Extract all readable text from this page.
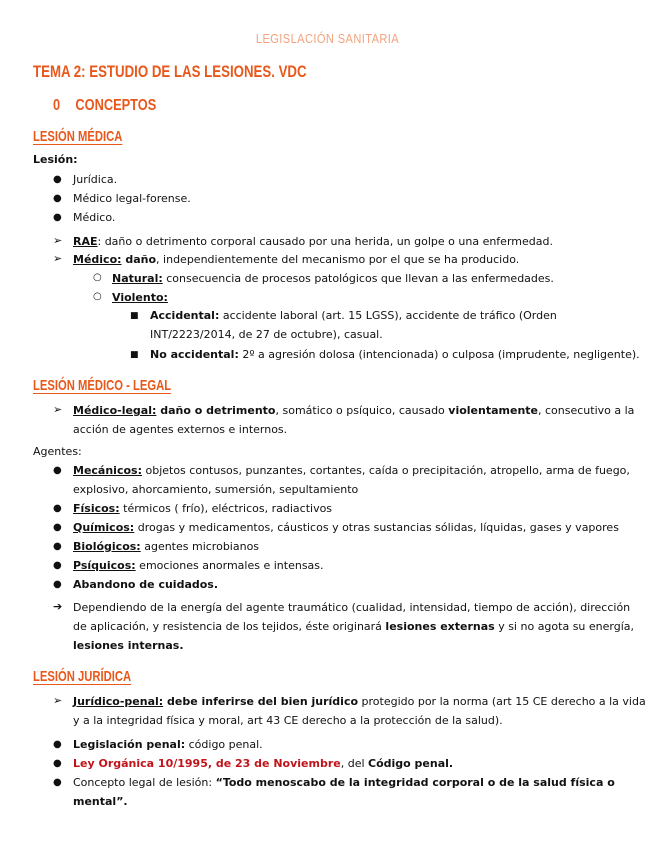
LEGISLACIÓN SANITARIA
TEMA 2: ESTUDIO DE LAS LESIONES. VDC
0 CONCEPTOS
LESIÓN MÉDICA
Lesión:
● Jurídica.
● Médico legal-forense.
● Médico.
➢ RAE: daño o detrimento corporal causado por una herida, un golpe o una enfermedad.
➢ Médico: daño, independientemente del mecanismo por el que se ha producido.
○ Natural: consecuencia de procesos patológicos que llevan a las enfermedades.
○ Violento:
■ Accidental: accidente laboral (art. 15 LGSS), accidente de tráfico (Orden
INT/2223/2014, de 27 de octubre), casual.
■ No accidental: 2º a agresión dolosa (intencionada) o culposa (imprudente, negligente).
LESIÓN MÉDICO - LEGAL
➢ Médico-legal: daño o detrimento, somático o psíquico, causado violentamente, consecutivo a la
acción de agentes externos e internos.
Agentes:
● Mecánicos: objetos contusos, punzantes, cortantes, caída o precipitación, atropello, arma de fuego,
explosivo, ahorcamiento, sumersión, sepultamiento
● Físicos: térmicos ( frío), eléctricos, radiactivos
● Químicos: drogas y medicamentos, cáusticos y otras sustancias sólidas, líquidas, gases y vapores
● Biológicos: agentes microbianos
● Psíquicos: emociones anormales e intensas.
● Abandono de cuidados.
➔ Dependiendo de la energía del agente traumático (cualidad, intensidad, tiempo de acción), dirección
de aplicación, y resistencia de los tejidos, éste originará lesiones externas y si no agota su energía,
lesiones internas.
LESIÓN JURÍDICA
➢ Jurídico-penal: debe inferirse del bien jurídico protegido por la norma (art 15 CE derecho a la vida
y a la integridad física y moral, art 43 CE derecho a la protección de la salud).
● Legislación penal: código penal.
● Ley Orgánica 10/1995, de 23 de Noviembre, del Código penal.
● Concepto legal de lesión: “Todo menoscabo de la integridad corporal o de la salud física o
mental”.
